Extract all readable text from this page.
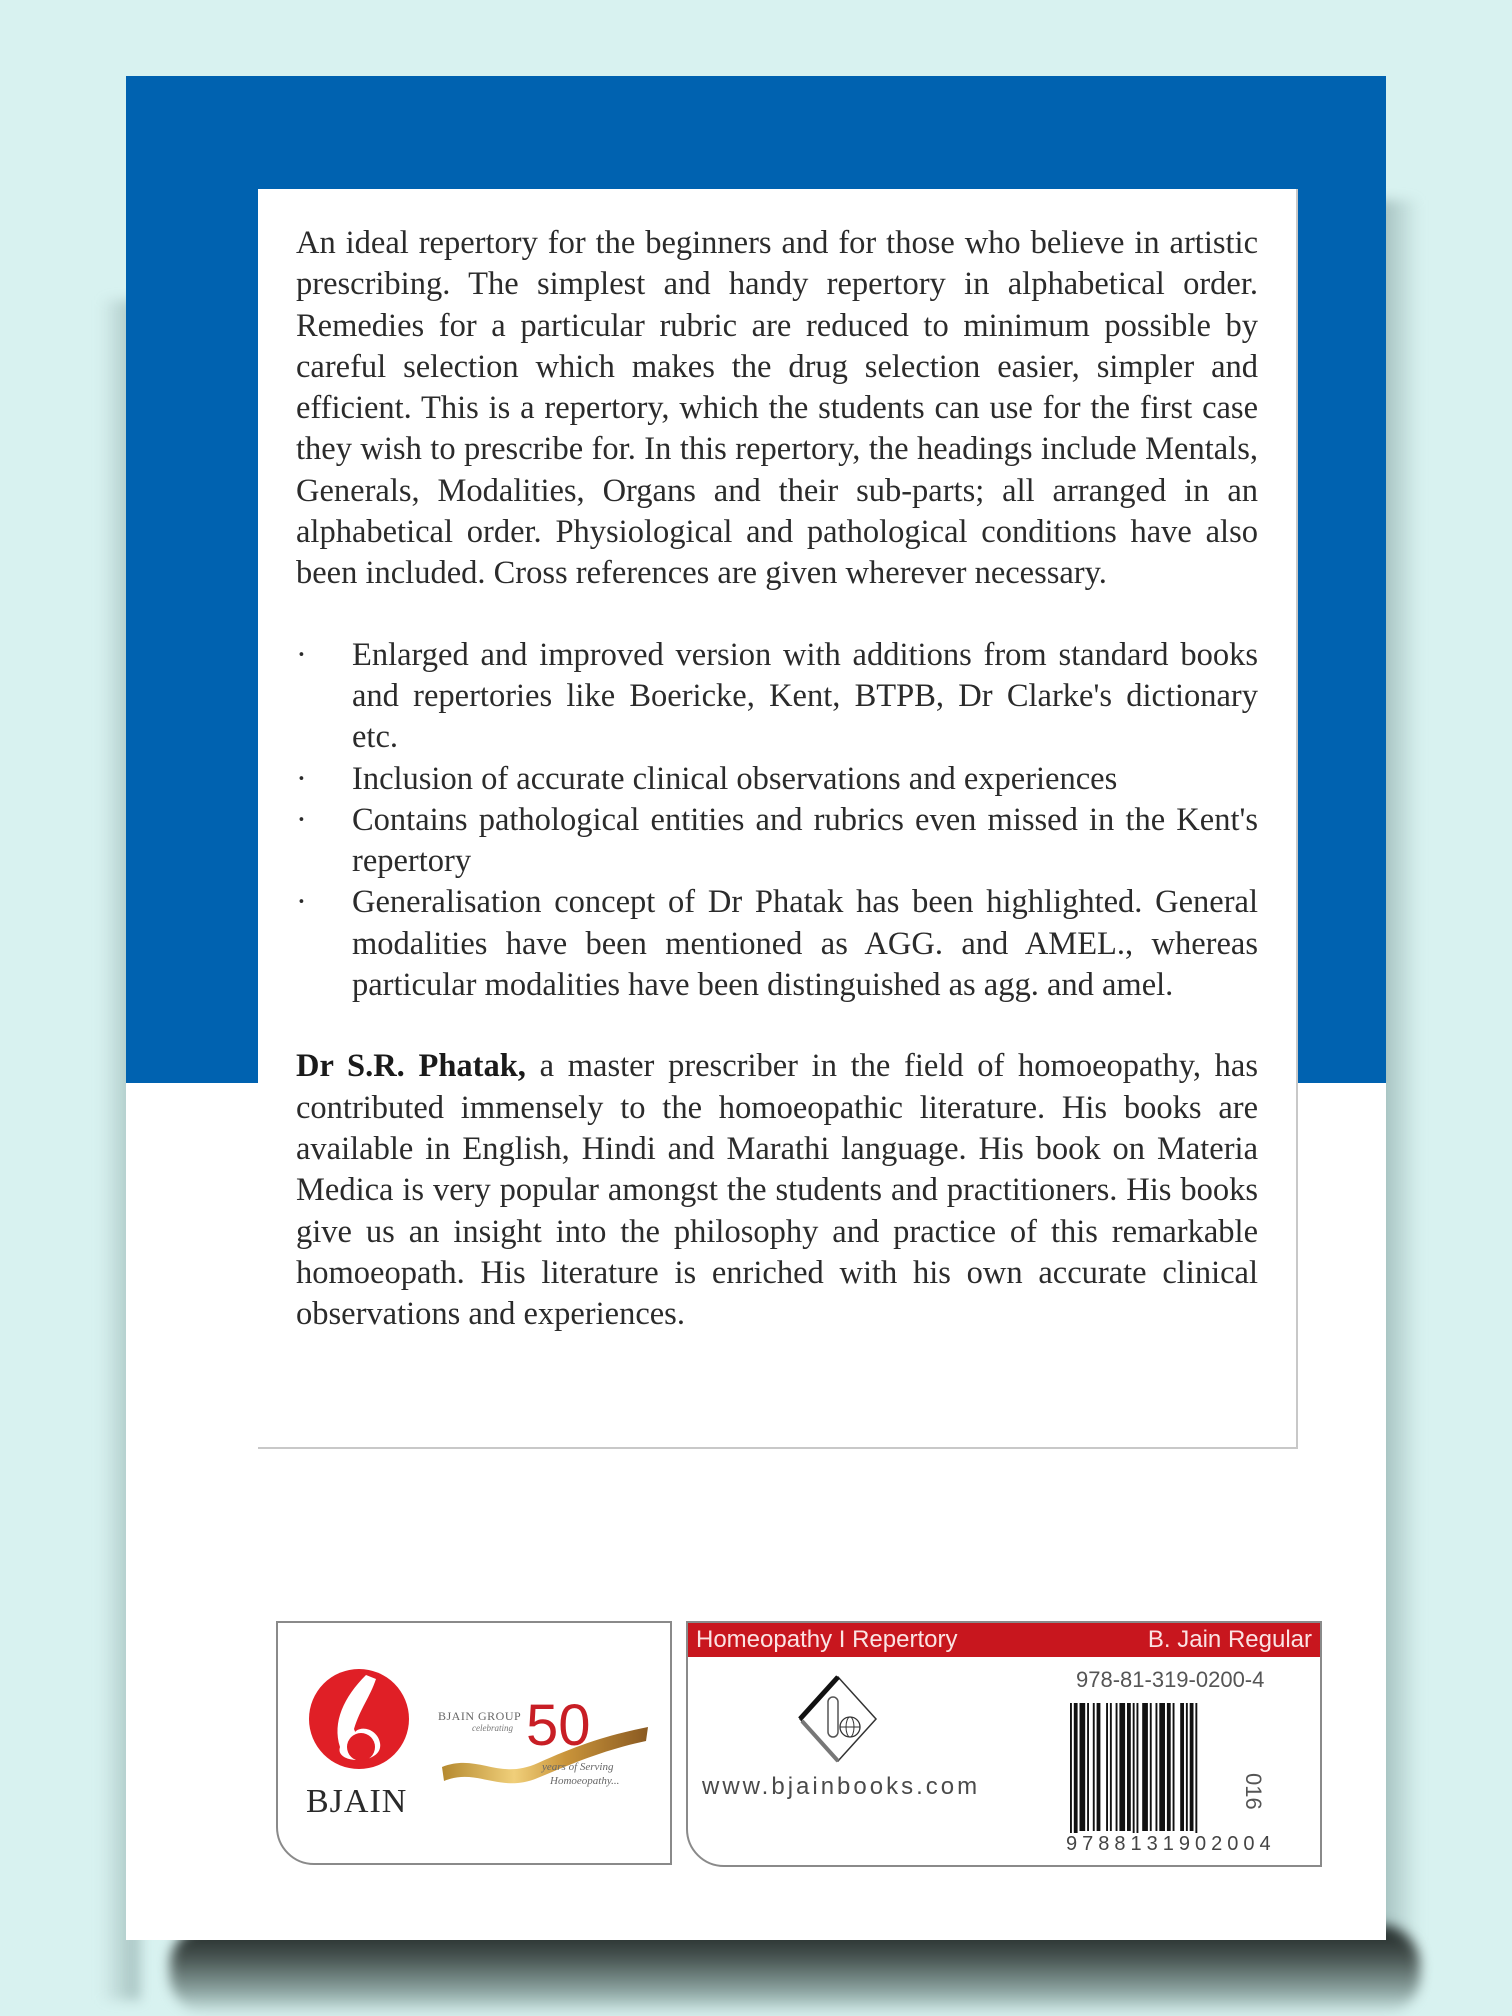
An ideal repertory for the beginners and for those who believe in artistic prescribing. The simplest and handy repertory in alphabetical order. Remedies for a particular rubric are reduced to minimum possible by careful selection which makes the drug selection easier, simpler and efficient. This is a repertory, which the students can use for the first case they wish to prescribe for. In this repertory, the headings include Mentals, Generals, Modalities, Organs and their sub-parts; all arranged in an alphabetical order. Physiological and pathological conditions have also been included. Cross references are given wherever necessary.

· Enlarged and improved version with additions from standard books and repertories like Boericke, Kent, BTPB, Dr Clarke's dictionary etc.
· Inclusion of accurate clinical observations and experiences
· Contains pathological entities and rubrics even missed in the Kent's repertory
· Generalisation concept of Dr Phatak has been highlighted. General modalities have been mentioned as AGG. and AMEL., whereas particular modalities have been distinguished as agg. and amel.

Dr S.R. Phatak, a master prescriber in the field of homoeopathy, has contributed immensely to the homoeopathic literature. His books are available in English, Hindi and Marathi language. His book on Materia Medica is very popular amongst the students and practitioners. His books give us an insight into the philosophy and practice of this remarkable homoeopath. His literature is enriched with his own accurate clinical observations and experiences.

BJAIN
BJAIN GROUP
celebrating 50
years of Serving
Homoeopathy...
Homeopathy I Repertory	B. Jain Regular
www.bjainbooks.com
978-81-319-0200-4
9788131902004
016
